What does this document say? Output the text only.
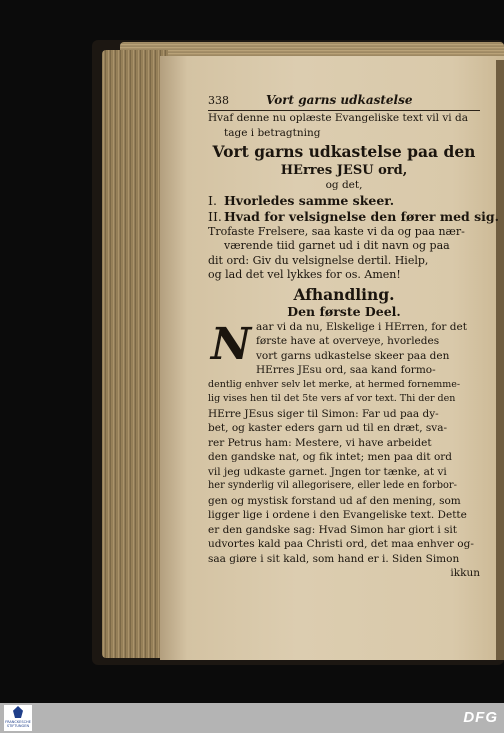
338	Vort garns udkastelse

Hvaf denne nu oplæste Evangeliske text vil vi da

tage i betragtning

Vort garns udkastelse paa den

HErres JESU ord,

og det,

I. Hvorledes samme skeer.
II. Hvad for velsignelse den fører med sig.

Trofaste Frelsere, saa kaste vi da og paa nær-

værende tiid garnet ud i dit navn og paa

dit ord: Giv du velsignelse dertil. Hielp,

og lad det vel lykkes for os. Amen!

Afhandling.

Den første Deel.

N aar vi da nu, Elskelige i HErren, for det

første have at overveye, hvorledes

vort garns udkastelse skeer paa den

HErres JEsu ord, saa kand formo-

dentlig enhver selv let merke, at hermed fornemme-

lig vises hen til det 5te vers af vor text. Thi der den

HErre JEsus siger til Simon: Far ud paa dy-

bet, og kaster eders garn ud til en dræt, sva-

rer Petrus ham: Mestere, vi have arbeidet

den gandske nat, og fik intet; men paa dit ord

vil jeg udkaste garnet. Jngen tor tænke, at vi

her synderlig vil allegorisere, eller lede en forbor-

gen og mystisk forstand ud af den mening, som

ligger lige i ordene i den Evangeliske text. Dette

er den gandske sag: Hvad Simon har giort i sit

udvortes kald paa Christi ord, det maa enhver og-

saa giøre i sit kald, som hand er i. Siden Simon

ikkun

FRANCKESCHE STIFTUNGEN	DFG
